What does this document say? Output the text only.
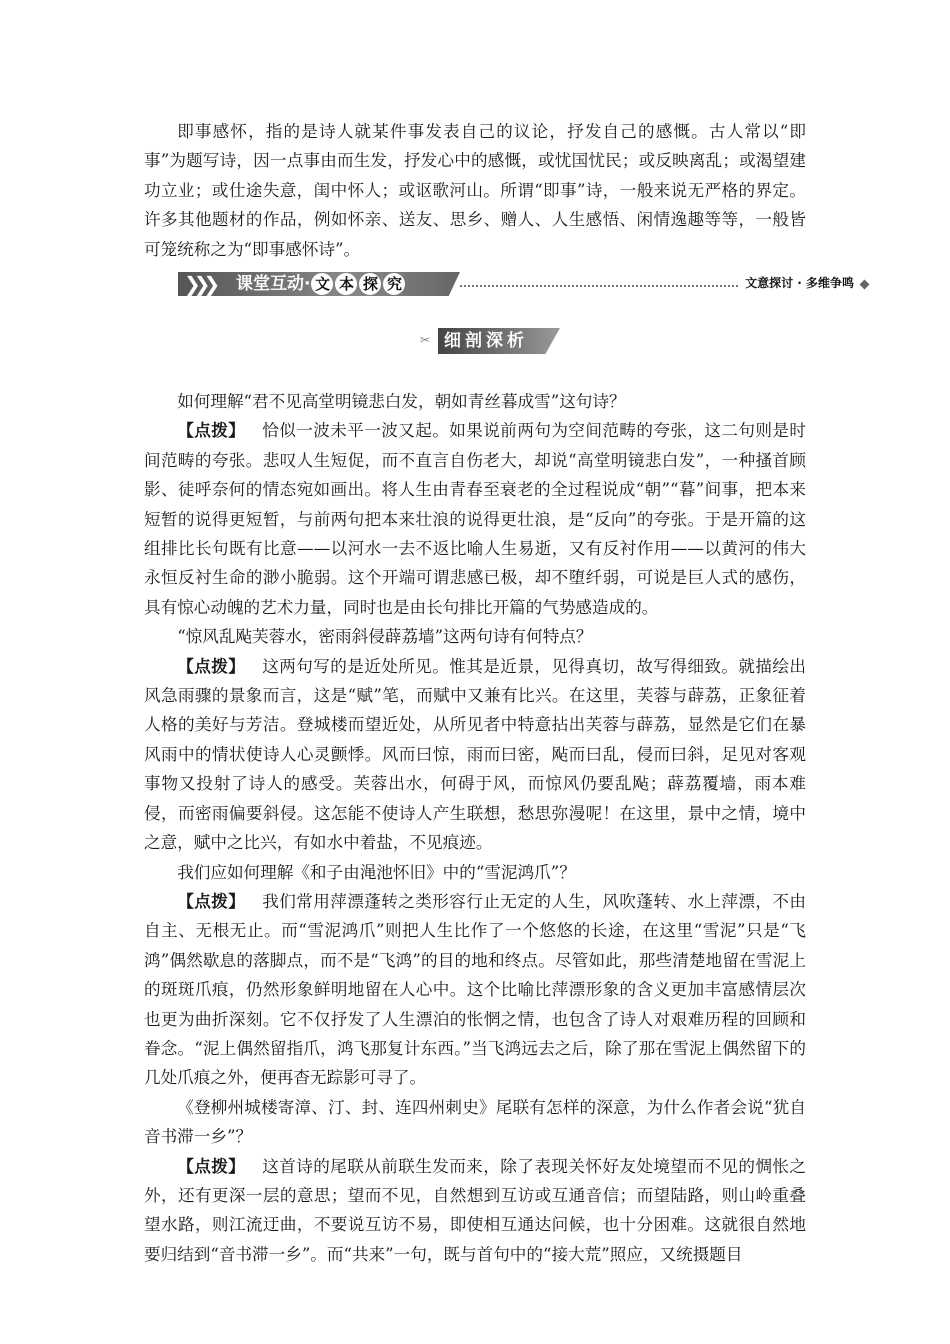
即事感怀，指的是诗人就某件事发表自己的议论，抒发自己的感慨。古人常以“即事”为题写诗，因一点事由而生发，抒发心中的感慨，或忧国忧民；或反映离乱；或渴望建功立业；或仕途失意，闺中怀人；或讴歌河山。所谓“即事”诗，一般来说无严格的界定。许多其他题材的作品，例如怀亲、送友、思乡、赠人、人生感悟、闲情逸趣等等，一般皆可笼统称之为“即事感怀诗”。

❯❯❯ 课堂互动· 文 本 探 究	文意探讨 · 多维争鸣
✂ 细剖深析

如何理解“君不见高堂明镜悲白发，朝如青丝暮成雪”这句诗？

【点拨】  恰似一波未平一波又起。如果说前两句为空间范畴的夸张，这二句则是时间范畴的夸张。悲叹人生短促，而不直言自伤老大，却说“高堂明镜悲白发”，一种搔首顾影、徒呼奈何的情态宛如画出。将人生由青春至衰老的全过程说成“朝”“暮”间事，把本来短暂的说得更短暂，与前两句把本来壮浪的说得更壮浪，是“反向”的夸张。于是开篇的这组排比长句既有比意——以河水一去不返比喻人生易逝，又有反衬作用——以黄河的伟大永恒反衬生命的渺小脆弱。这个开端可谓悲感已极，却不堕纤弱，可说是巨人式的感伤，具有惊心动魄的艺术力量，同时也是由长句排比开篇的气势感造成的。

“惊风乱飐芙蓉水，密雨斜侵薜荔墙”这两句诗有何特点？

【点拨】  这两句写的是近处所见。惟其是近景，见得真切，故写得细致。就描绘出风急雨骤的景象而言，这是“赋”笔，而赋中又兼有比兴。在这里，芙蓉与薜荔，正象征着人格的美好与芳洁。登城楼而望近处，从所见者中特意拈出芙蓉与薜荔，显然是它们在暴风雨中的情状使诗人心灵颤悸。风而曰惊，雨而曰密，飐而曰乱，侵而曰斜，足见对客观事物又投射了诗人的感受。芙蓉出水，何碍于风，而惊风仍要乱飐；薜荔覆墙，雨本难侵，而密雨偏要斜侵。这怎能不使诗人产生联想，愁思弥漫呢！在这里，景中之情，境中之意，赋中之比兴，有如水中着盐，不见痕迹。

我们应如何理解《和子由渑池怀旧》中的“雪泥鸿爪”？

【点拨】  我们常用萍漂蓬转之类形容行止无定的人生，风吹蓬转、水上萍漂，不由自主、无根无止。而“雪泥鸿爪”则把人生比作了一个悠悠的长途，在这里“雪泥”只是“飞鸿”偶然歇息的落脚点，而不是“飞鸿”的目的地和终点。尽管如此，那些清楚地留在雪泥上的斑斑爪痕，仍然形象鲜明地留在人心中。这个比喻比萍漂形象的含义更加丰富感情层次也更为曲折深刻。它不仅抒发了人生漂泊的怅惘之情，也包含了诗人对艰难历程的回顾和眷念。“泥上偶然留指爪，鸿飞那复计东西。”当飞鸿远去之后，除了那在雪泥上偶然留下的几处爪痕之外，便再杳无踪影可寻了。

《登柳州城楼寄漳、汀、封、连四州刺史》尾联有怎样的深意，为什么作者会说“犹自音书滞一乡”？

【点拨】  这首诗的尾联从前联生发而来，除了表现关怀好友处境望而不见的惆怅之外，还有更深一层的意思；望而不见，自然想到互访或互通音信；而望陆路，则山岭重叠望水路，则江流迂曲，不要说互访不易，即使相互通达问候，也十分困难。这就很自然地要归结到“音书滞一乡”。而“共来”一句，既与首句中的“接大荒”照应，又统摄题目
